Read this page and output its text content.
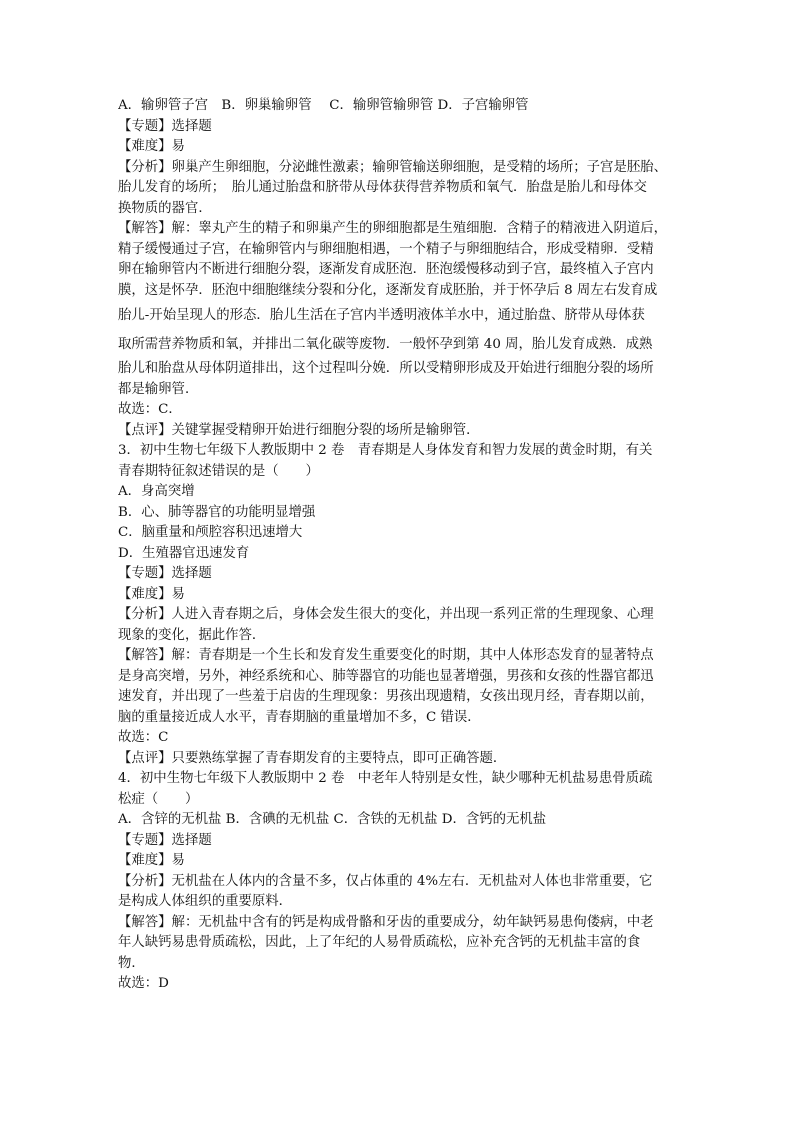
A．输卵管子宫　B．卵巢输卵管　 C．输卵管输卵管 D．子宫输卵管
【专题】选择题
【难度】易
【分析】卵巢产生卵细胞，分泌雌性激素；输卵管输送卵细胞，是受精的场所；子宫是胚胎、
胎儿发育的场所；　胎儿通过胎盘和脐带从母体获得营养物质和氧气．胎盘是胎儿和母体交
换物质的器官．
【解答】解：睾丸产生的精子和卵巢产生的卵细胞都是生殖细胞．含精子的精液进入阴道后，
精子缓慢通过子宫，在输卵管内与卵细胞相遇，一个精子与卵细胞结合，形成受精卵．受精
卵在输卵管内不断进行细胞分裂，逐渐发育成胚泡．胚泡缓慢移动到子宫，最终植入子宫内
膜，这是怀孕．胚泡中细胞继续分裂和分化，逐渐发育成胚胎，并于怀孕后 8 周左右发育成
胎儿-开始呈现人的形态．胎儿生活在子宫内半透明液体羊水中，通过胎盘、脐带从母体获
取所需营养物质和氧，并排出二氧化碳等废物．一般怀孕到第 40 周，胎儿发育成熟．成熟
胎儿和胎盘从母体阴道排出，这个过程叫分娩．所以受精卵形成及开始进行细胞分裂的场所
都是输卵管．
故选：C．
【点评】关键掌握受精卵开始进行细胞分裂的场所是输卵管．
3．初中生物七年级下人教版期中 2 卷　青春期是人身体发育和智力发展的黄金时期，有关
青春期特征叙述错误的是（　　）
A．身高突增
B．心、肺等器官的功能明显增强
C．脑重量和颅腔容积迅速增大
D．生殖器官迅速发育
【专题】选择题
【难度】易
【分析】人进入青春期之后，身体会发生很大的变化，并出现一系列正常的生理现象、心理
现象的变化，据此作答．
【解答】解：青春期是一个生长和发育发生重要变化的时期，其中人体形态发育的显著特点
是身高突增，另外，神经系统和心、肺等器官的功能也显著增强，男孩和女孩的性器官都迅
速发育，并出现了一些羞于启齿的生理现象：男孩出现遗精，女孩出现月经，青春期以前，
脑的重量接近成人水平，青春期脑的重量增加不多，C 错误．
故选：C
【点评】只要熟练掌握了青春期发育的主要特点，即可正确答题．
4．初中生物七年级下人教版期中 2 卷　中老年人特别是女性，缺少哪种无机盐易患骨质疏
松症（　　）
A．含锌的无机盐 B．含碘的无机盐 C．含铁的无机盐 D．含钙的无机盐
【专题】选择题
【难度】易
【分析】无机盐在人体内的含量不多，仅占体重的 4%左右．无机盐对人体也非常重要，它
是构成人体组织的重要原料．
【解答】解：无机盐中含有的钙是构成骨骼和牙齿的重要成分，幼年缺钙易患佝偻病，中老
年人缺钙易患骨质疏松，因此，上了年纪的人易骨质疏松，应补充含钙的无机盐丰富的食
物．
故选：D
